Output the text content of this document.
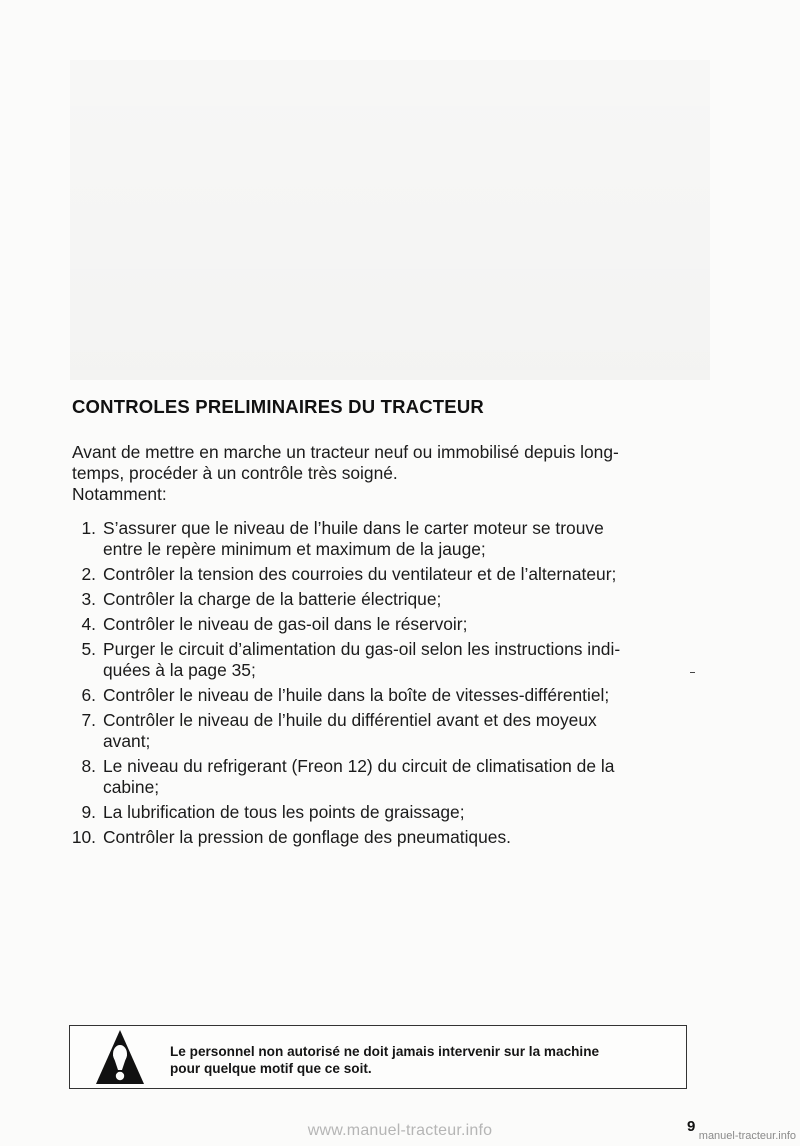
CONTROLES PRELIMINAIRES DU TRACTEUR
Avant de mettre en marche un tracteur neuf ou immobilisé depuis long-
temps, procéder à un contrôle très soigné.
Notamment:
1. S’assurer que le niveau de l’huile dans le carter moteur se trouve
entre le repère minimum et maximum de la jauge;
2. Contrôler la tension des courroies du ventilateur et de l’alternateur;
3. Contrôler la charge de la batterie électrique;
4. Contrôler le niveau de gas-oil dans le réservoir;
5. Purger le circuit d’alimentation du gas-oil selon les instructions indi-
quées à la page 35;
6. Contrôler le niveau de l’huile dans la boîte de vitesses-différentiel;
7. Contrôler le niveau de l’huile du différentiel avant et des moyeux
avant;
8. Le niveau du refrigerant (Freon 12) du circuit de climatisation de la
cabine;
9. La lubrification de tous les points de graissage;
10. Contrôler la pression de gonflage des pneumatiques.
Le personnel non autorisé ne doit jamais intervenir sur la machine
pour quelque motif que ce soit.
9
www.manuel-tracteur.info	manuel-tracteur.info
